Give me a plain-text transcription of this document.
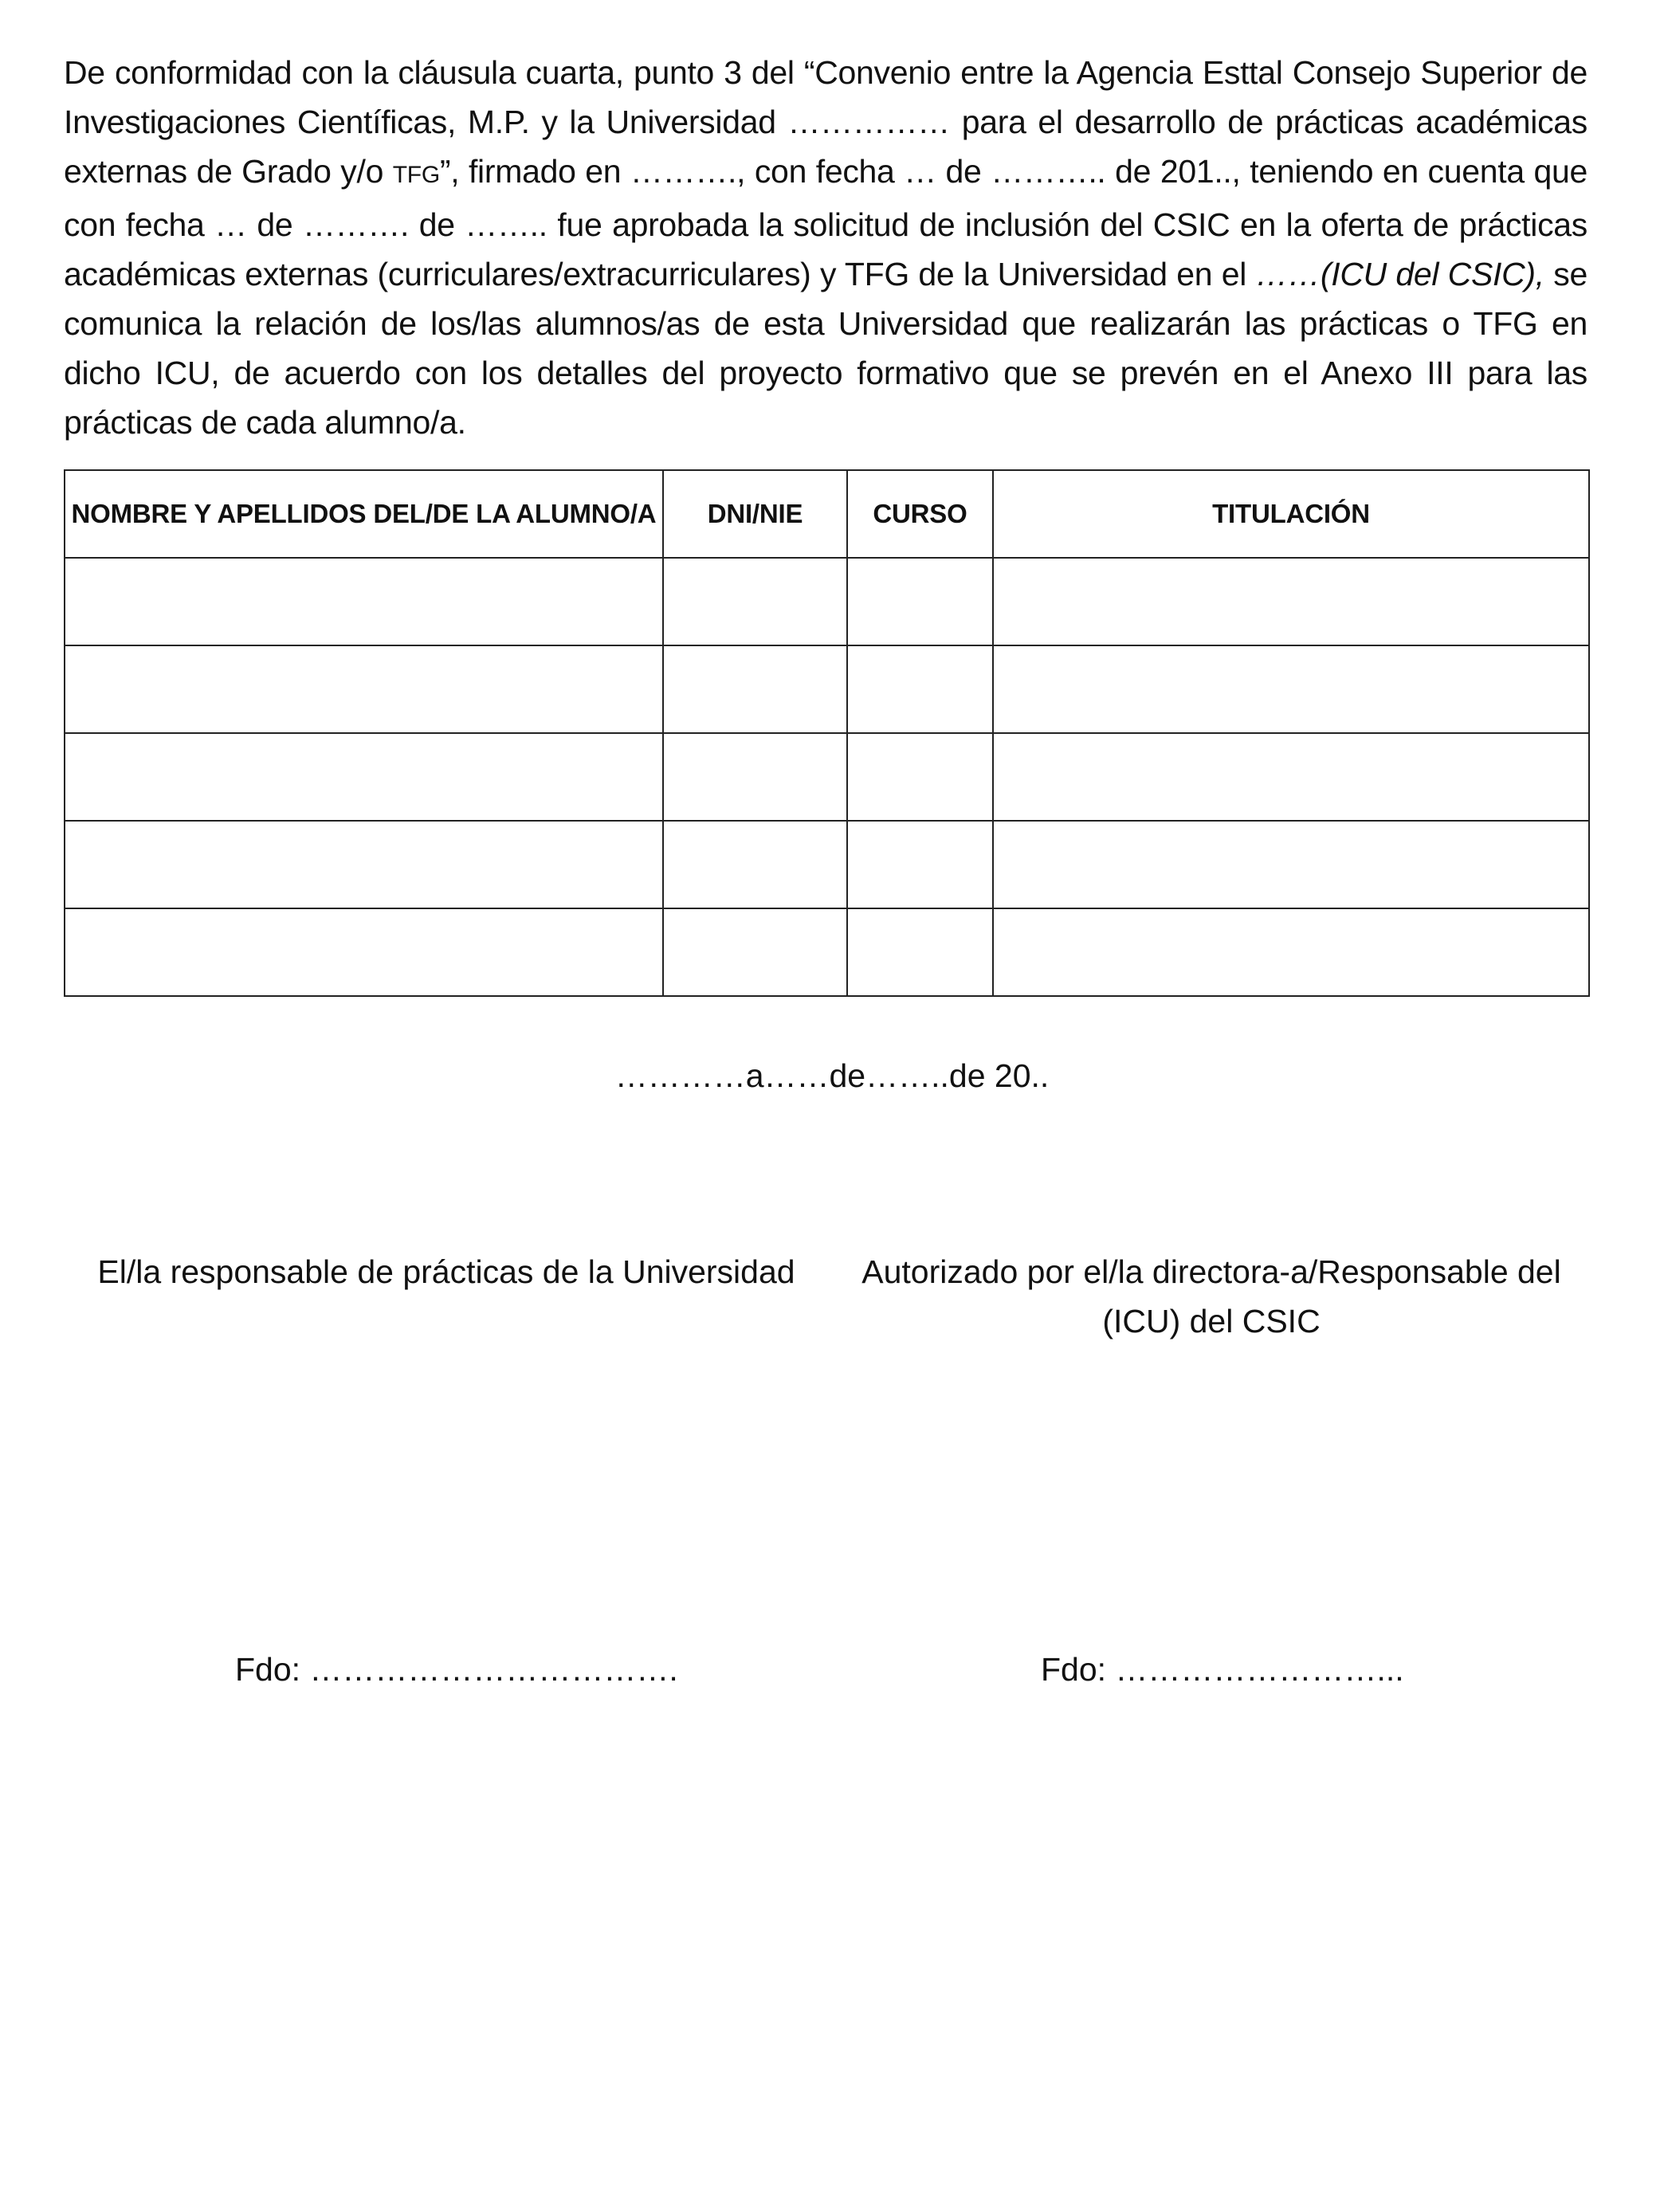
De conformidad con la cláusula cuarta, punto 3 del “Convenio entre la Agencia Esttal Consejo Superior de Investigaciones Científicas, M.P. y la Universidad …………… para el desarrollo de prácticas académicas externas de Grado y/o TFG”, firmado en ………., con fecha … de ……….. de 201.., teniendo en cuenta que con fecha … de ………. de …….. fue aprobada la solicitud de inclusión del CSIC en la oferta de prácticas académicas externas (curriculares/extracurriculares) y TFG de la Universidad en el ……(ICU del CSIC), se comunica la relación de los/las alumnos/as de esta Universidad que realizarán las prácticas o TFG en dicho ICU, de acuerdo con los detalles del proyecto formativo que se prevén en el Anexo III para las prácticas de cada alumno/a.
NOMBRE Y APELLIDOS DEL/DE LA ALUMNO/A	DNI/NIE	CURSO	TITULACIÓN

…………a……de……..de 20..
El/la responsable de prácticas de la Universidad	Autorizado por el/la directora-a/Responsable del
(ICU) del CSIC
Fdo: …………………………….	Fdo: ……………………...
